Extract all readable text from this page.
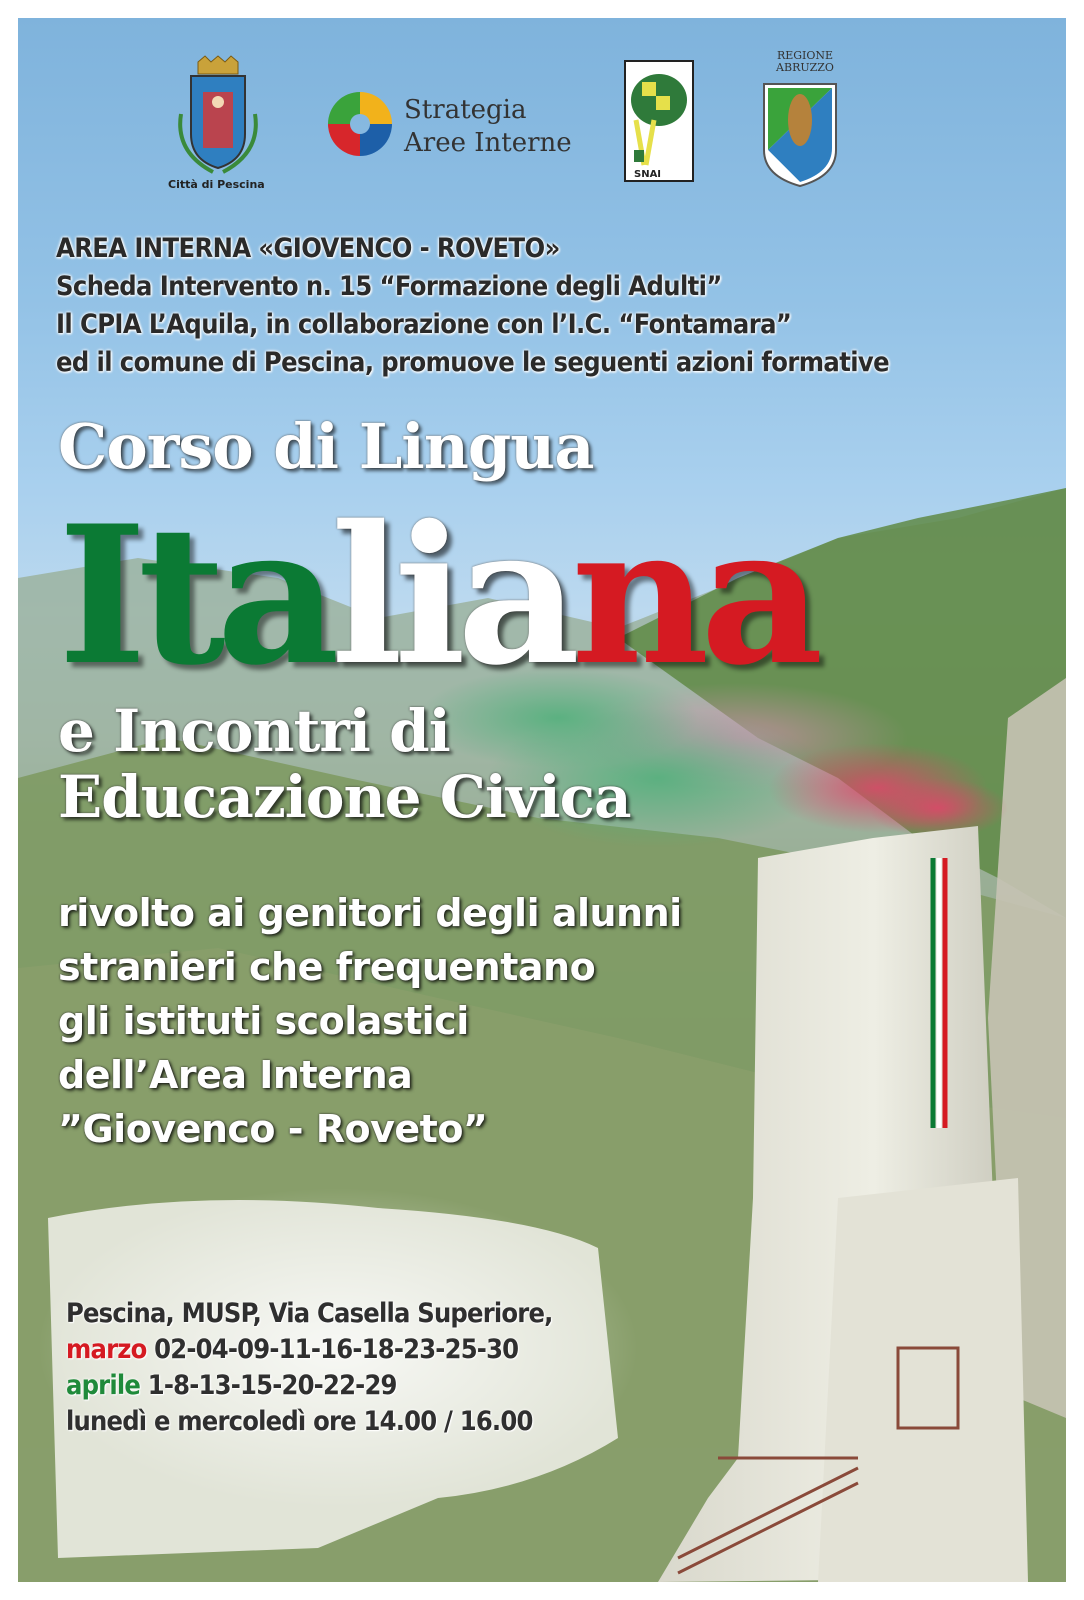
Città di Pescina
Strategia
Aree Interne
SNAI
REGIONE ABRUZZO
AREA INTERNA «GIOVENCO - ROVETO»
Scheda Intervento n. 15 “Formazione degli Adulti”
Il CPIA L’Aquila, in collaborazione con l’I.C. “Fontamara”
ed il comune di Pescina, promuove le seguenti azioni formative
Corso di Lingua
Italiana
e Incontri di
Educazione Civica
rivolto ai genitori degli alunni
stranieri che frequentano
gli istituti scolastici
dell’Area Interna
”Giovenco - Roveto”
Pescina, MUSP, Via Casella Superiore,
marzo 02-04-09-11-16-18-23-25-30
aprile 1-8-13-15-20-22-29
lunedì e mercoledì ore 14.00 / 16.00
